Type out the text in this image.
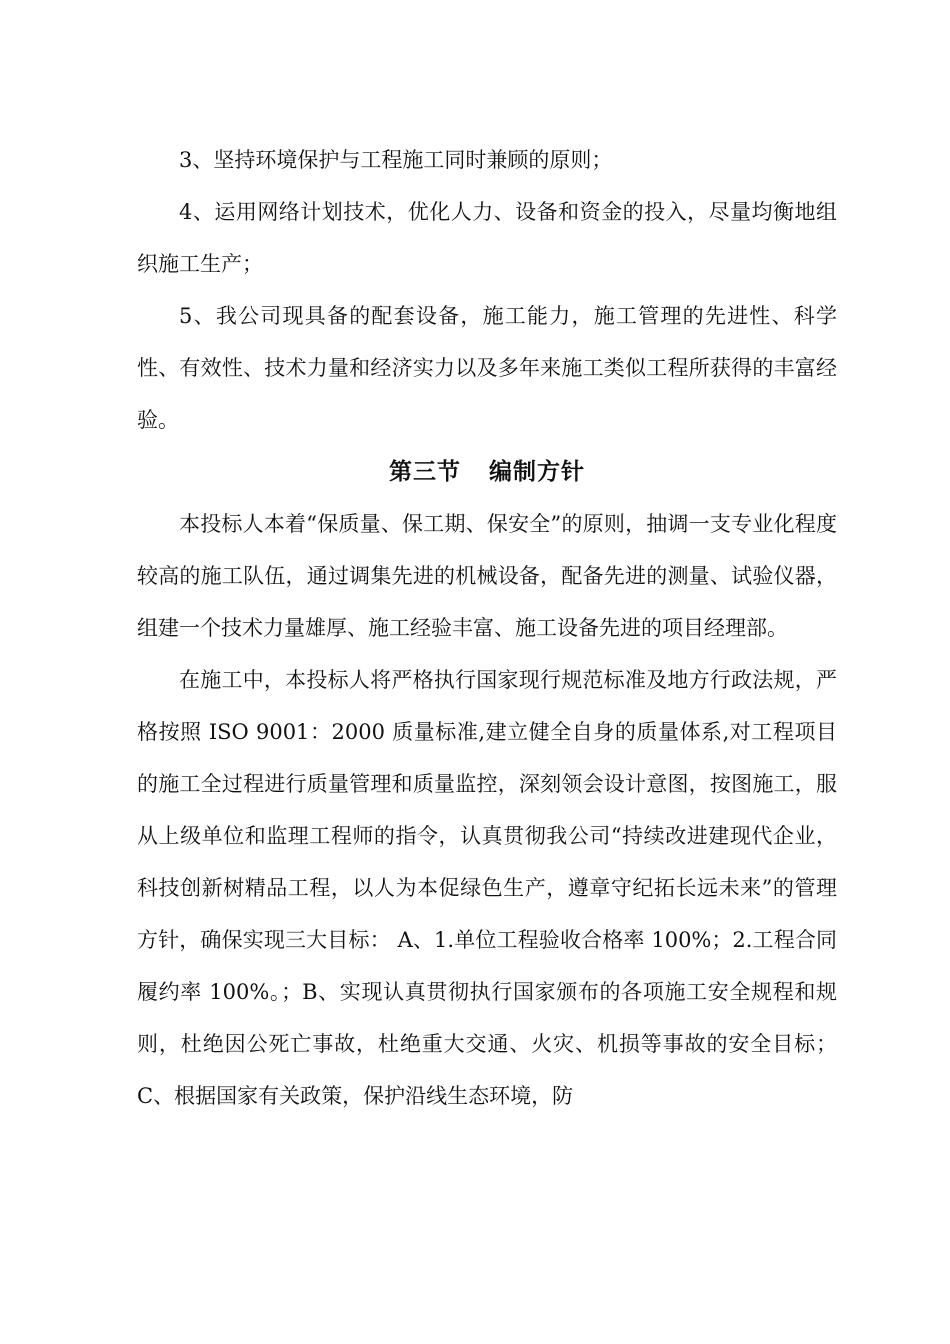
3、坚持环境保护与工程施工同时兼顾的原则；

4、运用网络计划技术，优化人力、设备和资金的投入，尽量均衡地组织施工生产；

5、我公司现具备的配套设备，施工能力，施工管理的先进性、科学性、有效性、技术力量和经济实力以及多年来施工类似工程所获得的丰富经验。

第三节 编制方针

本投标人本着“保质量、保工期、保安全”的原则，抽调一支专业化程度较高的施工队伍，通过调集先进的机械设备，配备先进的测量、试验仪器，组建一个技术力量雄厚、施工经验丰富、施工设备先进的项目经理部。

在施工中，本投标人将严格执行国家现行规范标准及地方行政法规，严格按照 ISO 9001：2000 质量标准,建立健全自身的质量体系,对工程项目的施工全过程进行质量管理和质量监控，深刻领会设计意图，按图施工，服从上级单位和监理工程师的指令，认真贯彻我公司“持续改进建现代企业，科技创新树精品工程，以人为本促绿色生产，遵章守纪拓长远未来”的管理方针，确保实现三大目标： A、1.单位工程验收合格率 100%；2.工程合同履约率 100%。；B、实现认真贯彻执行国家颁布的各项施工安全规程和规则，杜绝因公死亡事故，杜绝重大交通、火灾、机损等事故的安全目标；C、根据国家有关政策，保护沿线生态环境，防
